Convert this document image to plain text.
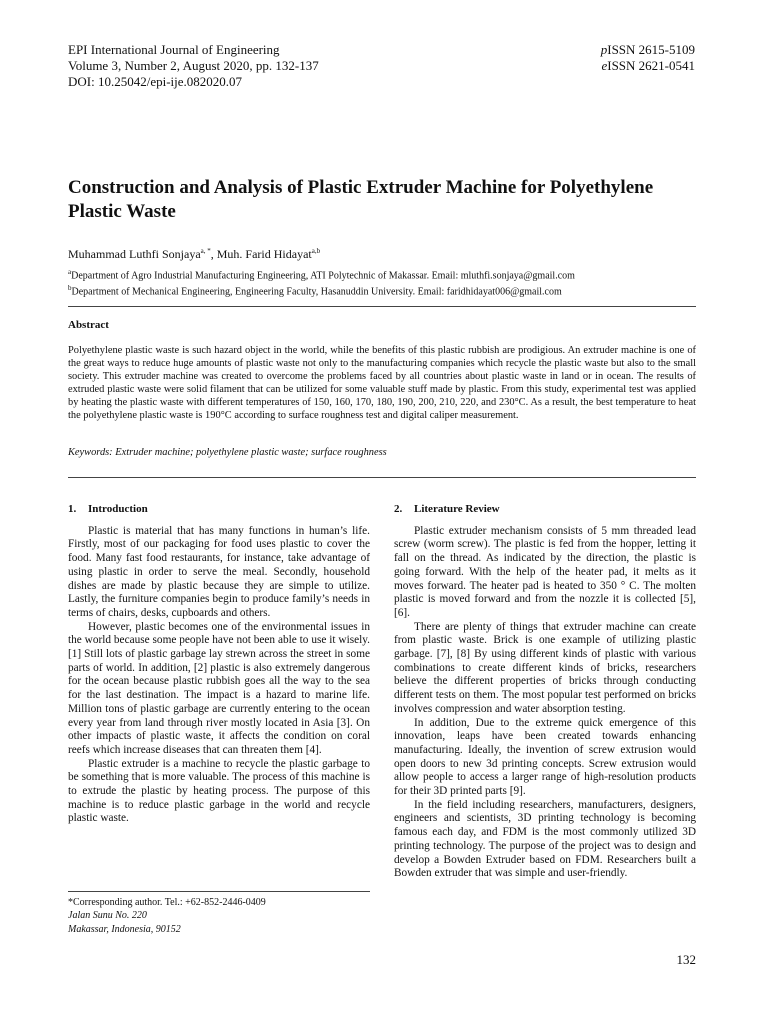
EPI International Journal of Engineering
Volume 3, Number 2, August 2020, pp. 132-137
DOI: 10.25042/epi-ije.082020.07
pISSN 2615-5109
eISSN 2621-0541
Construction and Analysis of Plastic Extruder Machine for Polyethylene Plastic Waste
Muhammad Luthfi Sonjaya$^{a, *}$, Muh. Farid Hidayat$^{a,b}$
$^a$Department of Agro Industrial Manufacturing Engineering, ATI Polytechnic of Makassar. Email: mluthfi.sonjaya@gmail.com
$^b$Department of Mechanical Engineering, Engineering Faculty, Hasanuddin University. Email: faridhidayat006@gmail.com
Abstract
Polyethylene plastic waste is such hazard object in the world, while the benefits of this plastic rubbish are prodigious. An extruder machine is one of the great ways to reduce huge amounts of plastic waste not only to the manufacturing companies which recycle the plastic waste but also to the small society. This extruder machine was created to overcome the problems faced by all countries about plastic waste in land or in ocean. The results of extruded plastic waste were solid filament that can be utilized for some valuable stuff made by plastic. From this study, experimental test was applied by heating the plastic waste with different temperatures of 150, 160, 170, 180, 190, 200, 210, 220, and 230°C. As a result, the best temperature to heat the polyethylene plastic waste is 190°C according to surface roughness test and digital caliper measurement.
Keywords: Extruder machine; polyethylene plastic waste; surface roughness
1. Introduction

Plastic is material that has many functions in human’s life. Firstly, most of our packaging for food uses plastic to cover the food. Many fast food restaurants, for instance, take advantage of using plastic in order to serve the meal. Secondly, household dishes are made by plastic because they are simple to utilize. Lastly, the furniture companies begin to produce family’s needs in terms of chairs, desks, cupboards and others.

However, plastic becomes one of the environmental issues in the world because some people have not been able to use it wisely. [1] Still lots of plastic garbage lay strewn across the street in some parts of world. In addition, [2] plastic is also extremely dangerous for the ocean because plastic rubbish goes all the way to the sea for the last destination. The impact is a hazard to marine life. Million tons of plastic garbage are currently entering to the ocean every year from land through river mostly located in Asia [3]. On other impacts of plastic waste, it affects the condition on coral reefs which increase diseases that can threaten them [4].

Plastic extruder is a machine to recycle the plastic garbage to be something that is more valuable. The process of this machine is to extrude the plastic by heating process. The purpose of this machine is to reduce plastic garbage in the world and recycle plastic waste.

2. Literature Review

Plastic extruder mechanism consists of 5 mm threaded lead screw (worm screw). The plastic is fed from the hopper, letting it fall on the thread. As indicated by the direction, the plastic is going forward. With the help of the heater pad, it melts as it moves forward. The heater pad is heated to 350 ° C. The molten plastic is moved forward and from the nozzle it is collected [5], [6].

There are plenty of things that extruder machine can create from plastic waste. Brick is one example of utilizing plastic garbage. [7], [8] By using different kinds of plastic with various combinations to create different kinds of bricks, researchers believe the different properties of bricks through conducting different tests on them. The most popular test performed on bricks involves compression and water absorption testing.

In addition, Due to the extreme quick emergence of this innovation, leaps have been created towards enhancing manufacturing. Ideally, the invention of screw extrusion would open doors to new 3d printing concepts. Screw extrusion would allow people to access a larger range of high-resolution products for their 3D printed parts [9].

In the field including researchers, manufacturers, designers, engineers and scientists, 3D printing technology is becoming famous each day, and FDM is the most commonly utilized 3D printing technology. The purpose of the project was to design and develop a Bowden Extruder based on FDM. Researchers built a Bowden extruder that was simple and user-friendly.

*Corresponding author. Tel.: +62-852-2446-0409
Jalan Sunu No. 220
Makassar, Indonesia, 90152
132
